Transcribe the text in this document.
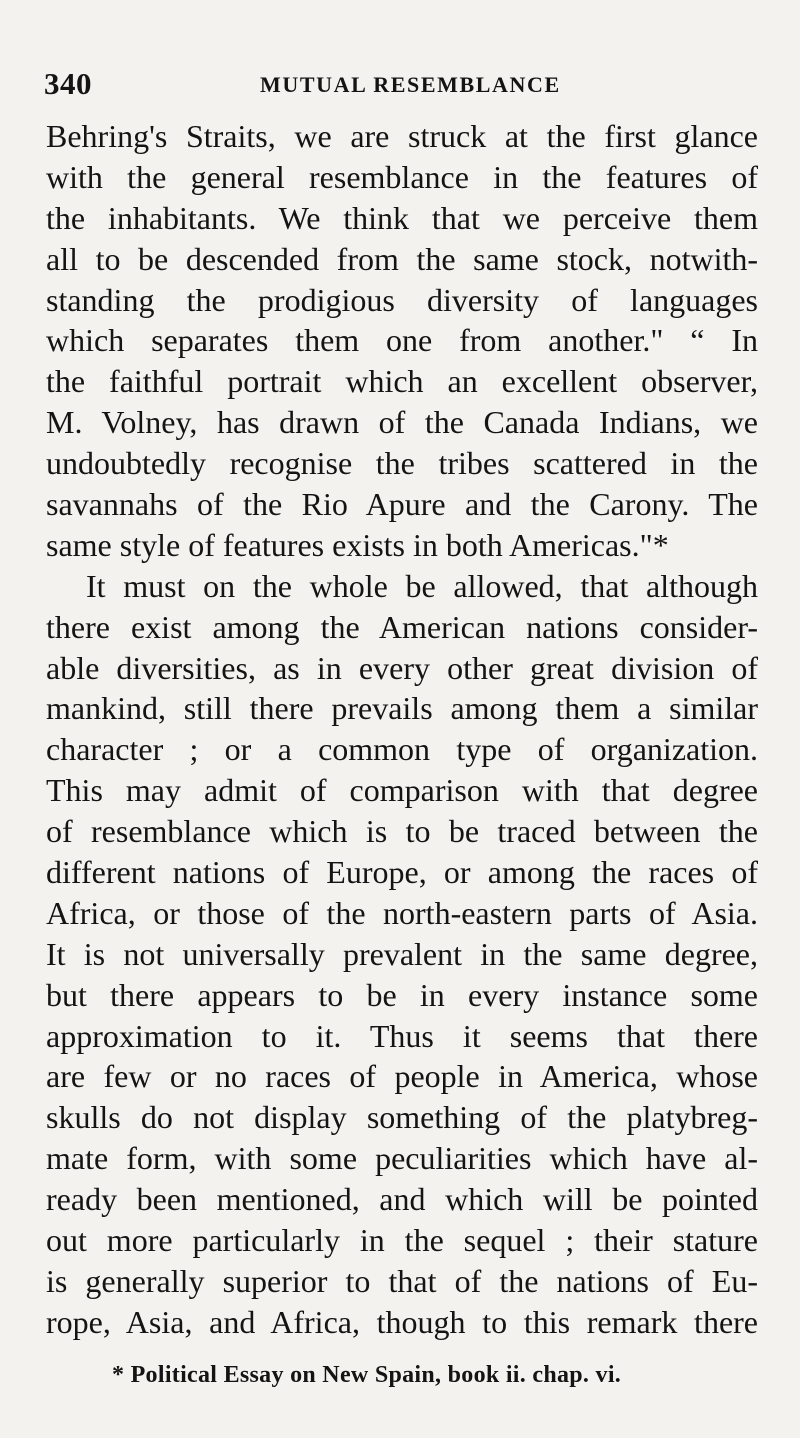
340	MUTUAL RESEMBLANCE
Behring's Straits, we are struck at the first glance
with the general resemblance in the features of
the inhabitants. We think that we perceive them
all to be descended from the same stock, notwith-
standing the prodigious diversity of languages
which separates them one from another." “ In
the faithful portrait which an excellent observer,
M. Volney, has drawn of the Canada Indians, we
undoubtedly recognise the tribes scattered in the
savannahs of the Rio Apure and the Carony. The
same style of features exists in both Americas."*
It must on the whole be allowed, that although
there exist among the American nations consider-
able diversities, as in every other great division of
mankind, still there prevails among them a similar
character ; or a common type of organization.
This may admit of comparison with that degree
of resemblance which is to be traced between the
different nations of Europe, or among the races of
Africa, or those of the north-eastern parts of Asia.
It is not universally prevalent in the same degree,
but there appears to be in every instance some
approximation to it. Thus it seems that there
are few or no races of people in America, whose
skulls do not display something of the platybreg-
mate form, with some peculiarities which have al-
ready been mentioned, and which will be pointed
out more particularly in the sequel ; their stature
is generally superior to that of the nations of Eu-
rope, Asia, and Africa, though to this remark there
* Political Essay on New Spain, book ii. chap. vi.
